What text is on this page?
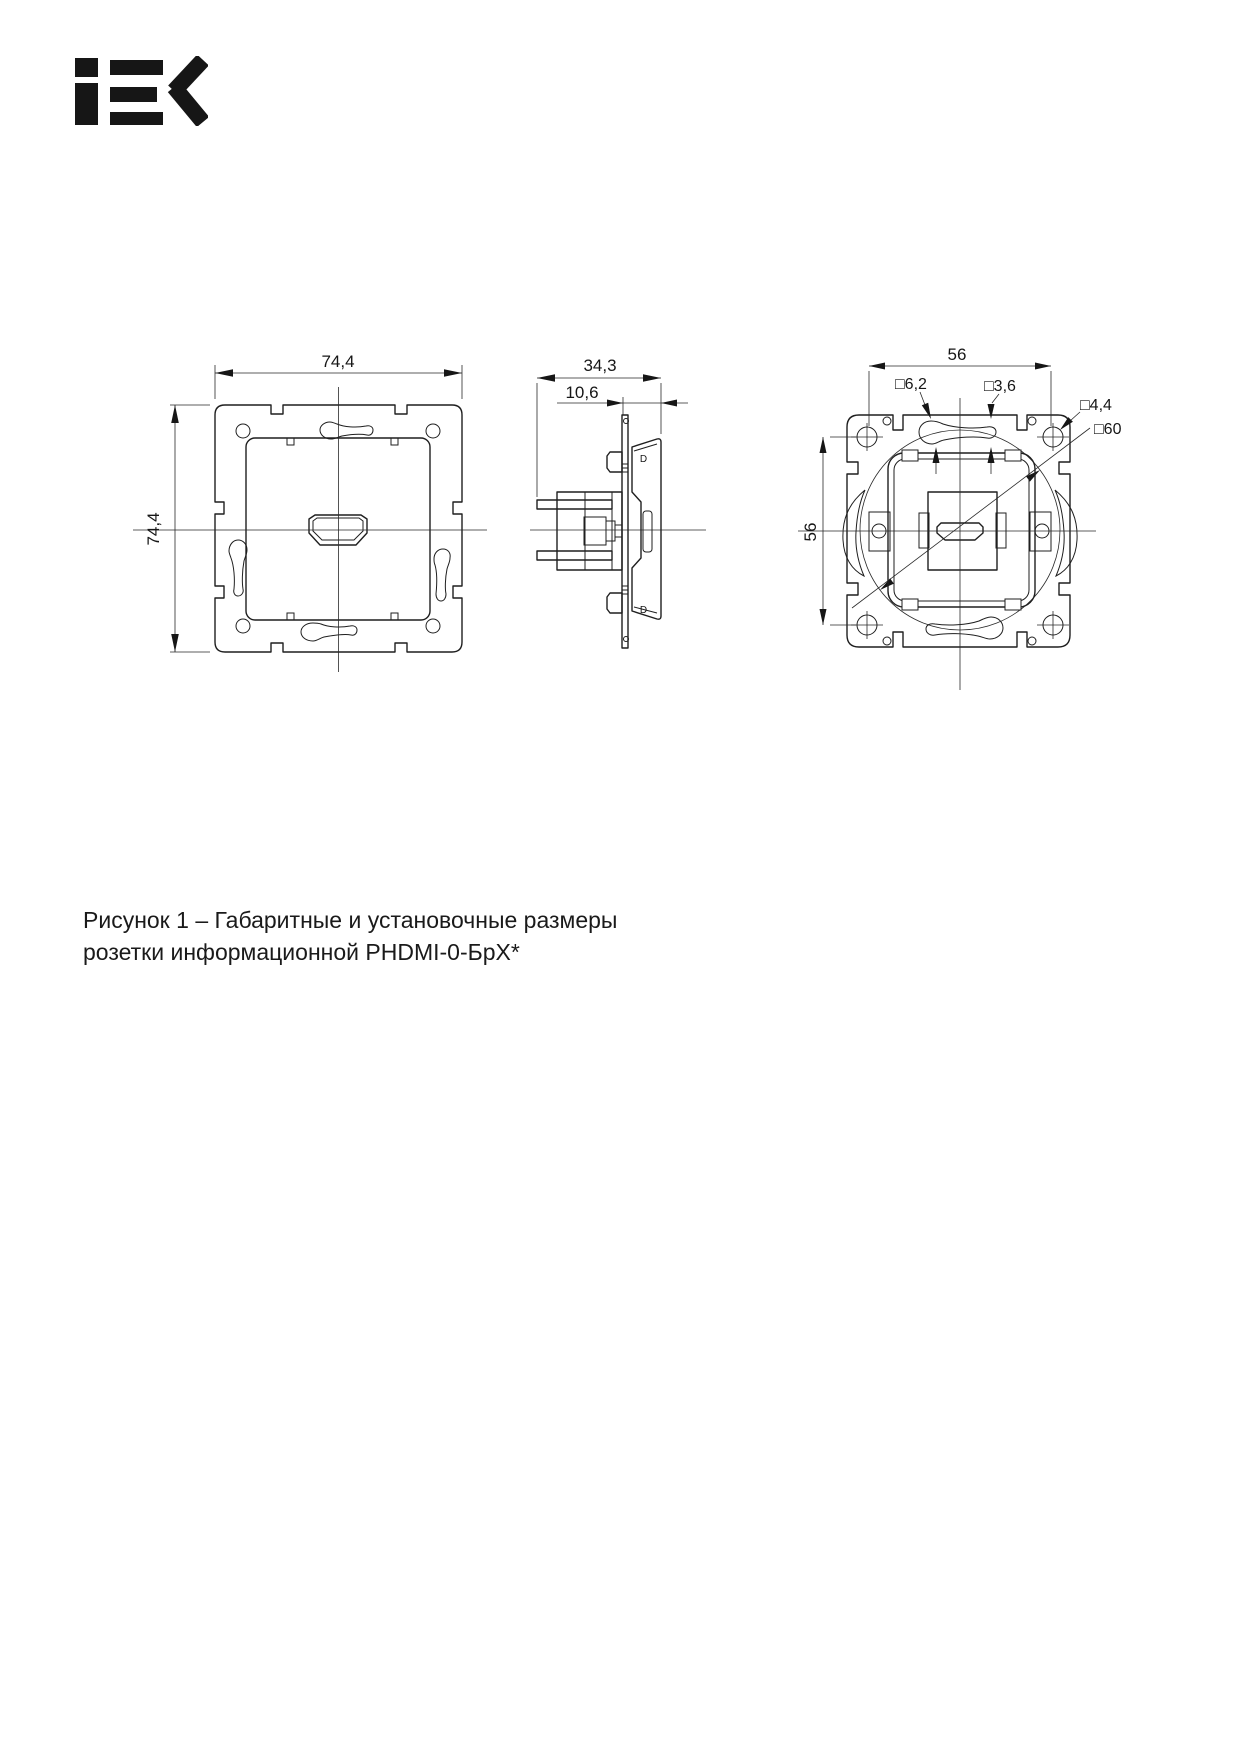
74,4
74,4
34,3
10,6
D
D
56
56
□6,2	□3,6
□4,4
□60
Рисунок 1 – Габаритные и установочные размеры
розетки информационной PHDMI-0-БрХ*
